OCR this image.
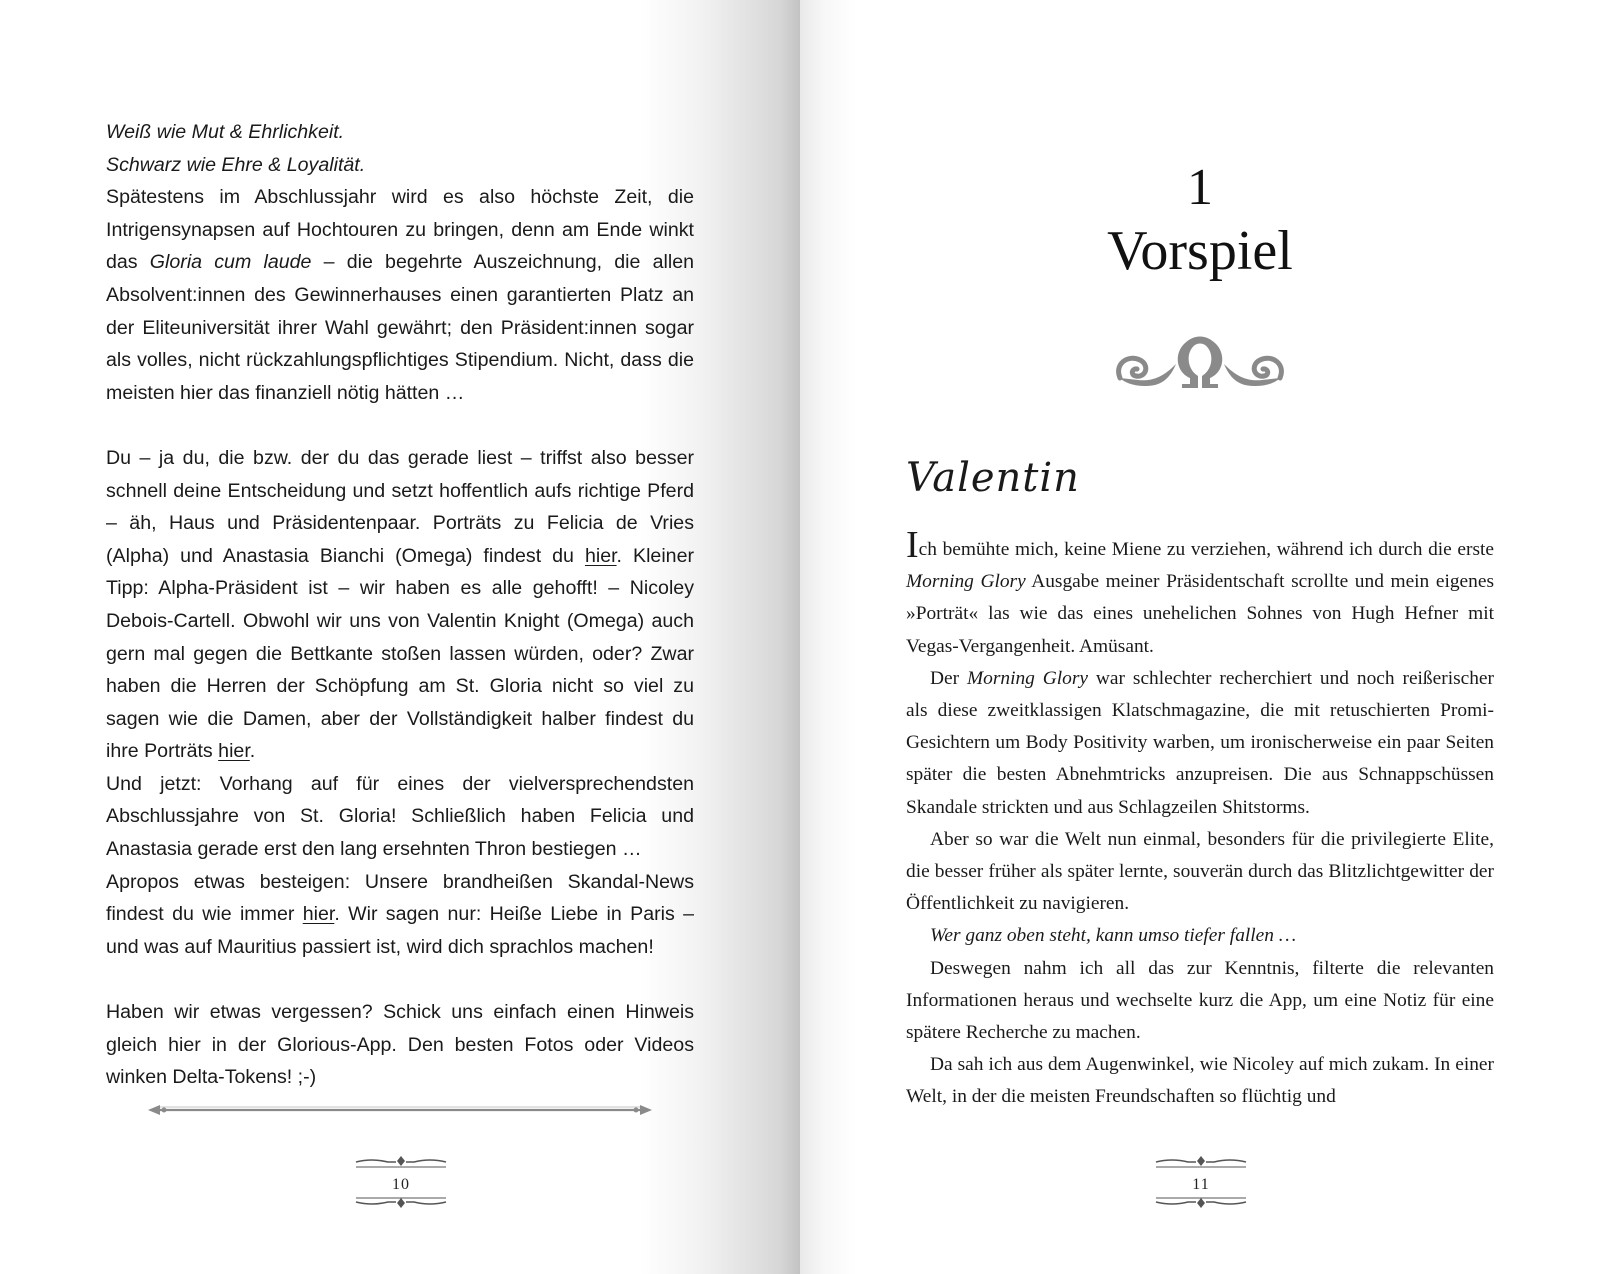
Weiß wie Mut & Ehrlichkeit.

Schwarz wie Ehre & Loyalität.

Spätestens im Abschlussjahr wird es also höchste Zeit, die Intrigensynapsen auf Hochtouren zu bringen, denn am Ende winkt das Gloria cum laude – die begehrte Auszeichnung, die allen Absolvent:innen des Gewinnerhauses einen garantierten Platz an der Eliteuniversität ihrer Wahl gewährt; den Präsident:innen sogar als volles, nicht rückzahlungspflichtiges Stipendium. Nicht, dass die meisten hier das finanziell nötig hätten …

Du – ja du, die bzw. der du das gerade liest – triffst also besser schnell deine Entscheidung und setzt hoffentlich aufs richtige Pferd – äh, Haus und Präsidentenpaar. Porträts zu Felicia de Vries (Alpha) und Anastasia Bianchi (Omega) findest du hier. Kleiner Tipp: Alpha-Präsident ist – wir haben es alle gehofft! – Nicoley Debois-Cartell. Obwohl wir uns von Valentin Knight (Omega) auch gern mal gegen die Bettkante stoßen lassen würden, oder? Zwar haben die Herren der Schöpfung am St. Gloria nicht so viel zu sagen wie die Damen, aber der Vollständigkeit halber findest du ihre Porträts hier.

Und jetzt: Vorhang auf für eines der vielversprechendsten Abschlussjahre von St. Gloria! Schließlich haben Felicia und Anastasia gerade erst den lang ersehnten Thron bestiegen …

Apropos etwas besteigen: Unsere brandheißen Skandal-News findest du wie immer hier. Wir sagen nur: Heiße Liebe in Paris – und was auf Mauritius passiert ist, wird dich sprachlos machen!

Haben wir etwas vergessen? Schick uns einfach einen Hinweis gleich hier in der Glorious-App. Den besten Fotos oder Videos winken Delta-Tokens! ;-)

10
1
Vorspiel
Valentin

Ich bemühte mich, keine Miene zu verziehen, während ich durch die erste Morning Glory Ausgabe meiner Präsidentschaft scrollte und mein eigenes »Porträt« las wie das eines unehelichen Sohnes von Hugh Hefner mit Vegas-Vergangenheit. Amüsant.

Der Morning Glory war schlechter recherchiert und noch reißerischer als diese zweitklassigen Klatschmagazine, die mit retuschierten Promi-Gesichtern um Body Positivity warben, um ironischerweise ein paar Seiten später die besten Abnehmtricks anzupreisen. Die aus Schnappschüssen Skandale strickten und aus Schlagzeilen Shitstorms.

Aber so war die Welt nun einmal, besonders für die privilegierte Elite, die besser früher als später lernte, souverän durch das Blitzlichtgewitter der Öffentlichkeit zu navigieren.

Wer ganz oben steht, kann umso tiefer fallen …

Deswegen nahm ich all das zur Kenntnis, filterte die relevanten Informationen heraus und wechselte kurz die App, um eine Notiz für eine spätere Recherche zu machen.

Da sah ich aus dem Augenwinkel, wie Nicoley auf mich zukam. In einer Welt, in der die meisten Freundschaften so flüchtig und

11
